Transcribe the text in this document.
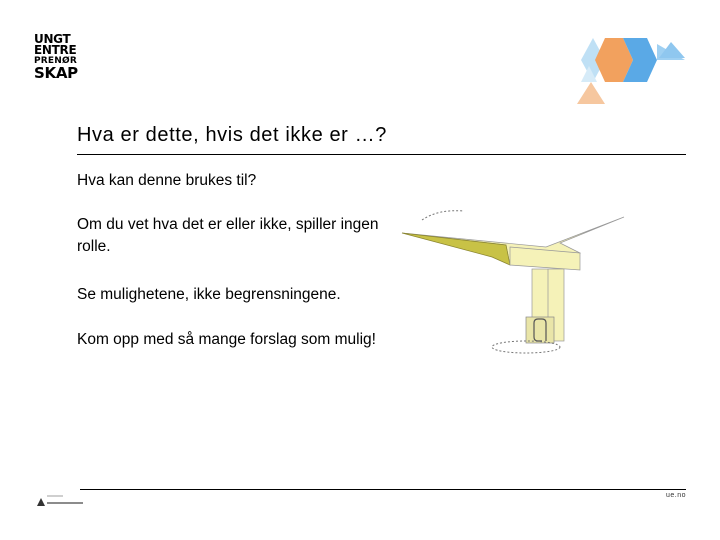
UNGT
ENTRE
PRENØR
SKAP
Hva er dette, hvis det ikke er …?

Hva kan denne brukes til?

Om du vet hva det er eller ikke, spiller ingen rolle.

Se mulighetene, ikke begrensningene.

Kom opp med så mange forslag som mulig!

ue.no
